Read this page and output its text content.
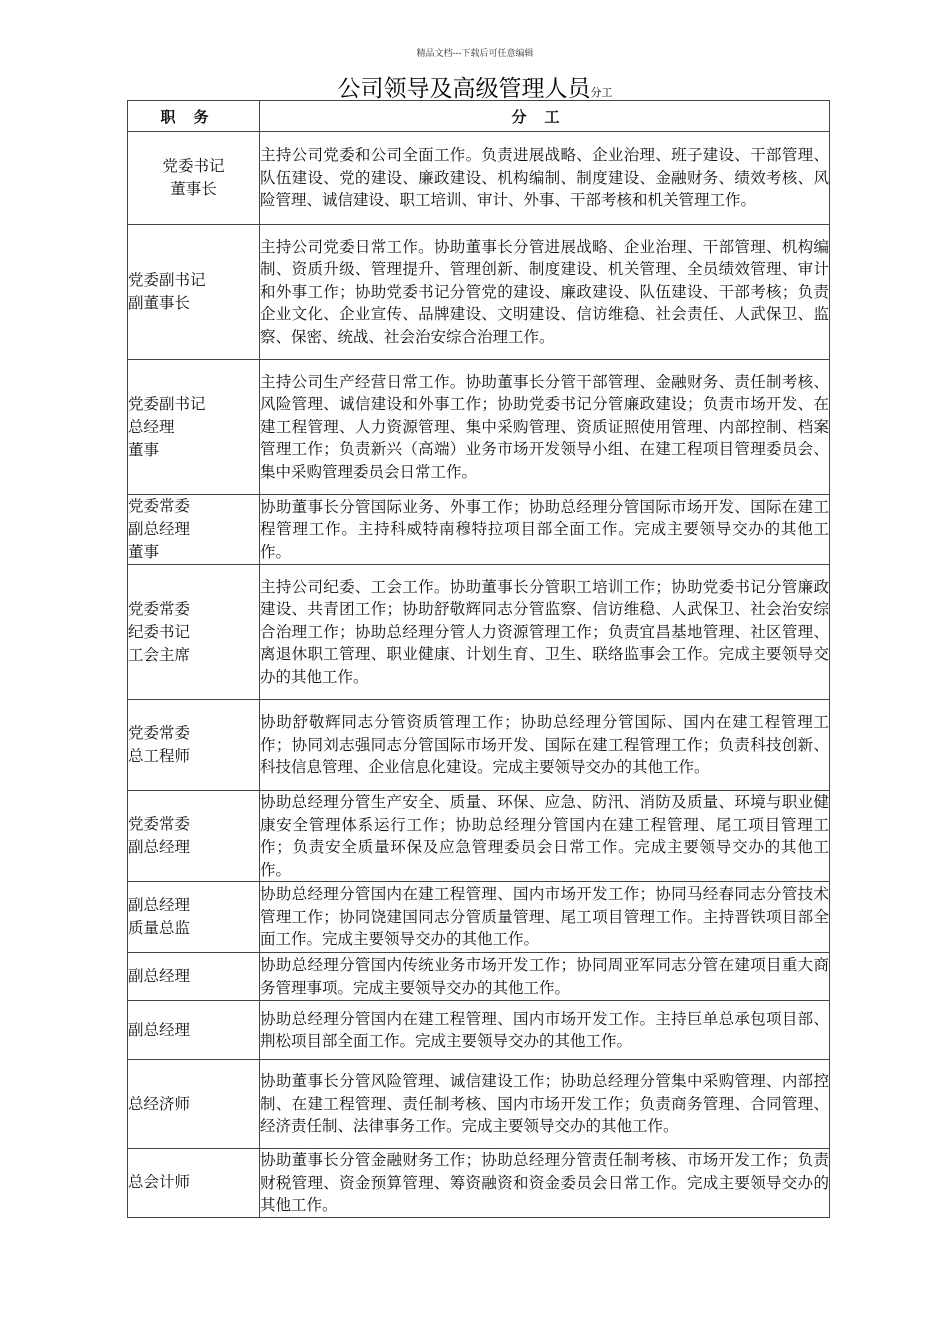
精品文档---下载后可任意编辑
公司领导及高级管理人员分工
职务	分工

党委书记
董事长	主持公司党委和公司全面工作。负责进展战略、企业治理、班子建设、干部管理、队伍建设、党的建设、廉政建设、机构编制、制度建设、金融财务、绩效考核、风险管理、诚信建设、职工培训、审计、外事、干部考核和机关管理工作。

党委副书记
副董事长	主持公司党委日常工作。协助董事长分管进展战略、企业治理、干部管理、机构编制、资质升级、管理提升、管理创新、制度建设、机关管理、全员绩效管理、审计和外事工作；协助党委书记分管党的建设、廉政建设、队伍建设、干部考核；负责企业文化、企业宣传、品牌建设、文明建设、信访维稳、社会责任、人武保卫、监察、保密、统战、社会治安综合治理工作。

党委副书记
总经理
董事	主持公司生产经营日常工作。协助董事长分管干部管理、金融财务、责任制考核、风险管理、诚信建设和外事工作；协助党委书记分管廉政建设；负责市场开发、在建工程管理、人力资源管理、集中采购管理、资质证照使用管理、内部控制、档案管理工作；负责新兴（高端）业务市场开发领导小组、在建工程项目管理委员会、集中采购管理委员会日常工作。

党委常委
副总经理
董事	协助董事长分管国际业务、外事工作；协助总经理分管国际市场开发、国际在建工程管理工作。主持科威特南穆特拉项目部全面工作。完成主要领导交办的其他工作。

党委常委
纪委书记
工会主席	主持公司纪委、工会工作。协助董事长分管职工培训工作；协助党委书记分管廉政建设、共青团工作；协助舒敬辉同志分管监察、信访维稳、人武保卫、社会治安综合治理工作；协助总经理分管人力资源管理工作；负责宜昌基地管理、社区管理、离退休职工管理、职业健康、计划生育、卫生、联络监事会工作。完成主要领导交办的其他工作。

党委常委
总工程师	协助舒敬辉同志分管资质管理工作；协助总经理分管国际、国内在建工程管理工作；协同刘志强同志分管国际市场开发、国际在建工程管理工作；负责科技创新、科技信息管理、企业信息化建设。完成主要领导交办的其他工作。

党委常委
副总经理	协助总经理分管生产安全、质量、环保、应急、防汛、消防及质量、环境与职业健康安全管理体系运行工作；协助总经理分管国内在建工程管理、尾工项目管理工作；负责安全质量环保及应急管理委员会日常工作。完成主要领导交办的其他工作。

副总经理
质量总监	协助总经理分管国内在建工程管理、国内市场开发工作；协同马经春同志分管技术管理工作；协同饶建国同志分管质量管理、尾工项目管理工作。主持晋铁项目部全面工作。完成主要领导交办的其他工作。

副总经理	协助总经理分管国内传统业务市场开发工作；协同周亚军同志分管在建项目重大商务管理事项。完成主要领导交办的其他工作。

副总经理	协助总经理分管国内在建工程管理、国内市场开发工作。主持巨单总承包项目部、荆松项目部全面工作。完成主要领导交办的其他工作。

总经济师	协助董事长分管风险管理、诚信建设工作；协助总经理分管集中采购管理、内部控制、在建工程管理、责任制考核、国内市场开发工作；负责商务管理、合同管理、经济责任制、法律事务工作。完成主要领导交办的其他工作。

总会计师	协助董事长分管金融财务工作；协助总经理分管责任制考核、市场开发工作；负责财税管理、资金预算管理、筹资融资和资金委员会日常工作。完成主要领导交办的其他工作。
